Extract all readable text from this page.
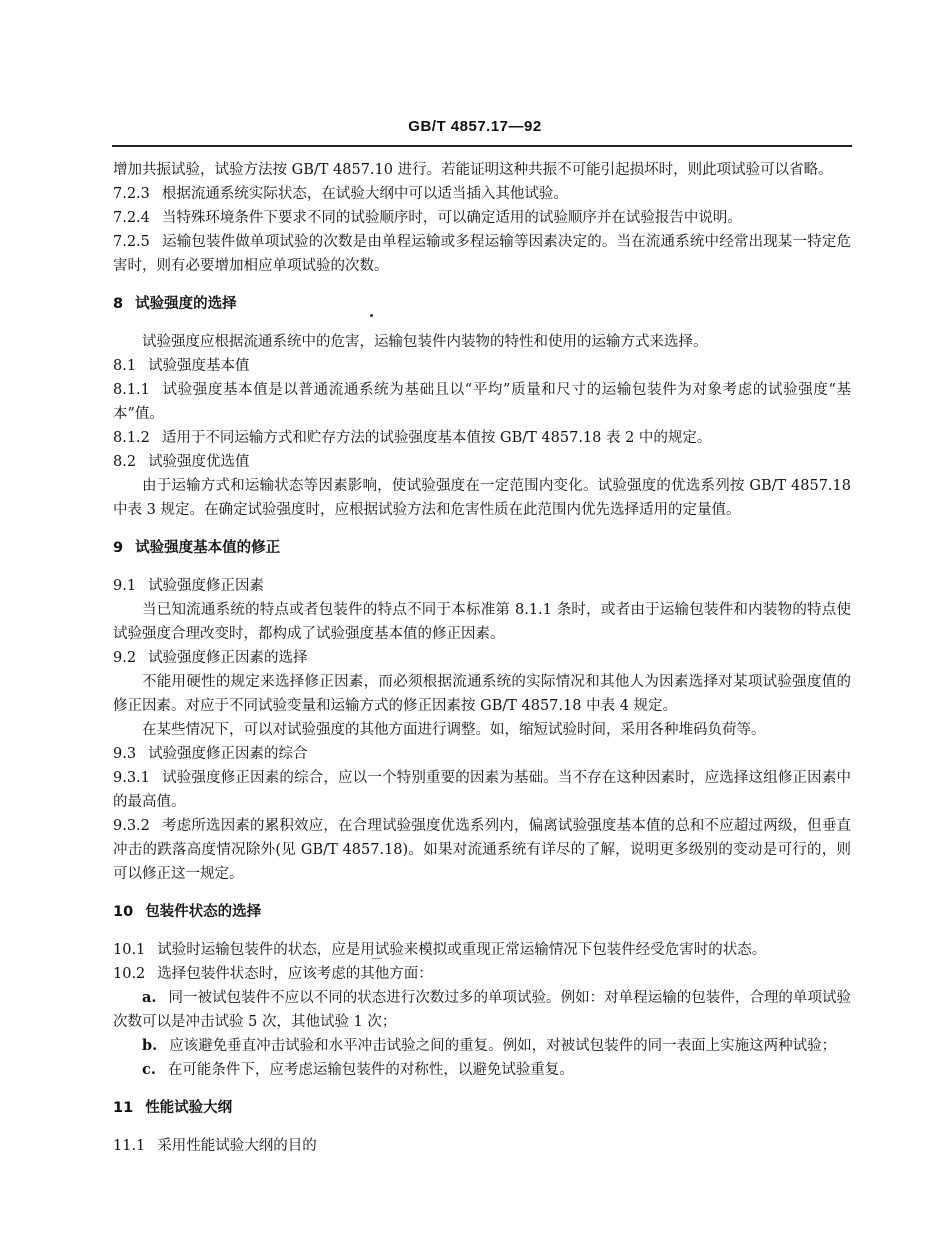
GB/T 4857.17—92

增加共振试验，试验方法按 GB/T 4857.10 进行。若能证明这种共振不可能引起损坏时，则此项试验可以省略。

7.2.3 根据流通系统实际状态，在试验大纲中可以适当插入其他试验。

7.2.4 当特殊环境条件下要求不同的试验顺序时，可以确定适用的试验顺序并在试验报告中说明。

7.2.5 运输包装件做单项试验的次数是由单程运输或多程运输等因素决定的。当在流通系统中经常出现某一特定危害时，则有必要增加相应单项试验的次数。

8 试验强度的选择

试验强度应根据流通系统中的危害，运输包装件内装物的特性和使用的运输方式来选择。

8.1 试验强度基本值

8.1.1 试验强度基本值是以普通流通系统为基础且以“平均”质量和尺寸的运输包装件为对象考虑的试验强度“基本”值。

8.1.2 适用于不同运输方式和贮存方法的试验强度基本值按 GB/T 4857.18 表 2 中的规定。

8.2 试验强度优选值

由于运输方式和运输状态等因素影响，使试验强度在一定范围内变化。试验强度的优选系列按 GB/T 4857.18 中表 3 规定。在确定试验强度时，应根据试验方法和危害性质在此范围内优先选择适用的定量值。

9 试验强度基本值的修正

9.1 试验强度修正因素

当已知流通系统的特点或者包装件的特点不同于本标准第 8.1.1 条时，或者由于运输包装件和内装物的特点使试验强度合理改变时，都构成了试验强度基本值的修正因素。

9.2 试验强度修正因素的选择

不能用硬性的规定来选择修正因素，而必须根据流通系统的实际情况和其他人为因素选择对某项试验强度值的修正因素。对应于不同试验变量和运输方式的修正因素按 GB/T 4857.18 中表 4 规定。

在某些情况下，可以对试验强度的其他方面进行调整。如，缩短试验时间，采用各种堆码负荷等。

9.3 试验强度修正因素的综合

9.3.1 试验强度修正因素的综合，应以一个特别重要的因素为基础。当不存在这种因素时，应选择这组修正因素中的最高值。

9.3.2 考虑所选因素的累积效应，在合理试验强度优选系列内，偏离试验强度基本值的总和不应超过两级，但垂直冲击的跌落高度情况除外(见 GB/T 4857.18)。如果对流通系统有详尽的了解，说明更多级别的变动是可行的，则可以修正这一规定。

10 包装件状态的选择

10.1 试验时运输包装件的状态，应是用试验来模拟或重现正常运输情况下包装件经受危害时的状态。

10.2 选择包装件状态时，应该考虑的其他方面：

a. 同一被试包装件不应以不同的状态进行次数过多的单项试验。例如：对单程运输的包装件，合理的单项试验次数可以是冲击试验 5 次，其他试验 1 次；

b. 应该避免垂直冲击试验和水平冲击试验之间的重复。例如，对被试包装件的同一表面上实施这两种试验；

c. 在可能条件下，应考虑运输包装件的对称性，以避免试验重复。

11 性能试验大纲

11.1 采用性能试验大纲的目的
